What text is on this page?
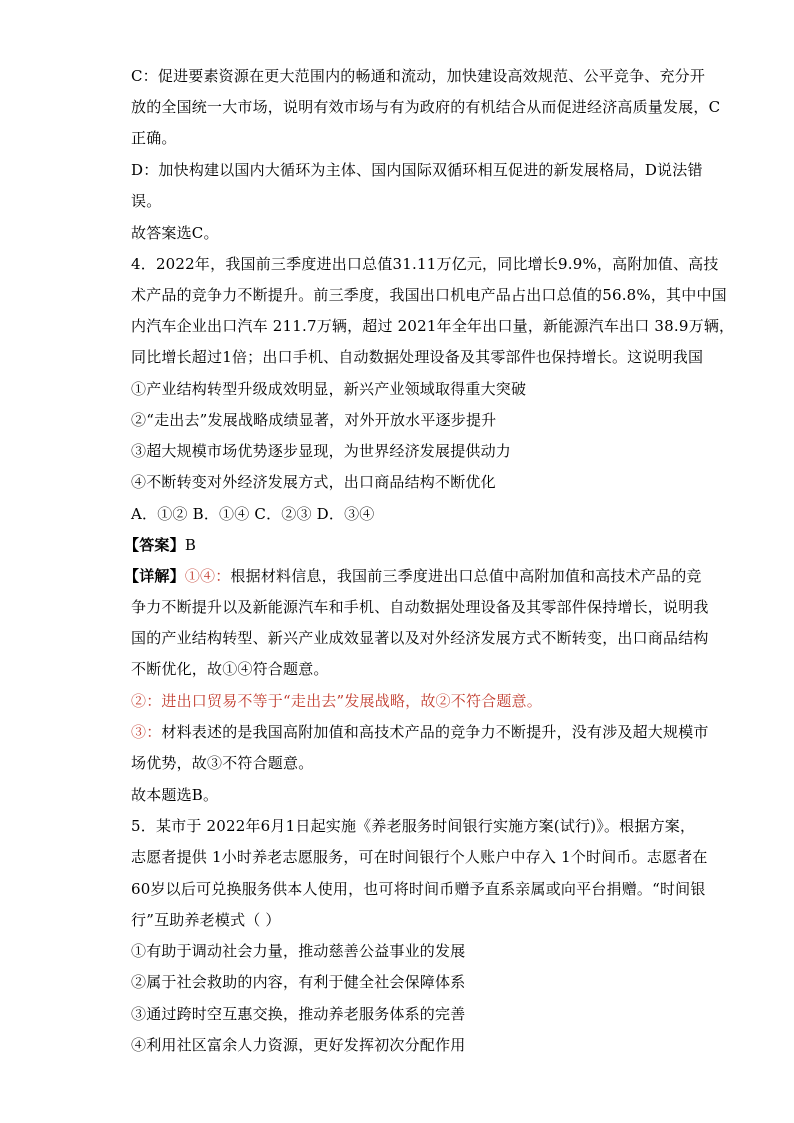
C：促进要素资源在更大范围内的畅通和流动，加快建设高效规范、公平竞争、充分开
放的全国统一大市场，说明有效市场与有为政府的有机结合从而促进经济高质量发展，C
正确。
D：加快构建以国内大循环为主体、国内国际双循环相互促进的新发展格局，D说法错
误。
故答案选C。
4．2022年，我国前三季度进出口总值31.11万亿元，同比增长9.9%，高附加值、高技
术产品的竞争力不断提升。前三季度，我国出口机电产品占出口总值的56.8%，其中中国
内汽车企业出口汽车 211.7万辆，超过 2021年全年出口量，新能源汽车出口 38.9万辆，
同比增长超过1倍；出口手机、自动数据处理设备及其零部件也保持增长。这说明我国
①产业结构转型升级成效明显，新兴产业领域取得重大突破
②“走出去”发展战略成绩显著，对外开放水平逐步提升
③超大规模市场优势逐步显现，为世界经济发展提供动力
④不断转变对外经济发展方式，出口商品结构不断优化
A．①② B．①④ C．②③ D．③④
【答案】B
【详解】①④：根据材料信息，我国前三季度进出口总值中高附加值和高技术产品的竞
争力不断提升以及新能源汽车和手机、自动数据处理设备及其零部件保持增长，说明我
国的产业结构转型、新兴产业成效显著以及对外经济发展方式不断转变，出口商品结构
不断优化，故①④符合题意。
②：进出口贸易不等于“走出去”发展战略，故②不符合题意。
③：材料表述的是我国高附加值和高技术产品的竞争力不断提升，没有涉及超大规模市
场优势，故③不符合题意。
故本题选B。
5．某市于 2022年6月1日起实施《养老服务时间银行实施方案(试行)》。根据方案，
志愿者提供 1小时养老志愿服务，可在时间银行个人账户中存入 1个时间币。志愿者在
60岁以后可兑换服务供本人使用，也可将时间币赠予直系亲属或向平台捐赠。“时间银
行”互助养老模式（ ）
①有助于调动社会力量，推动慈善公益事业的发展
②属于社会救助的内容，有利于健全社会保障体系
③通过跨时空互惠交换，推动养老服务体系的完善
④利用社区富余人力资源，更好发挥初次分配作用
